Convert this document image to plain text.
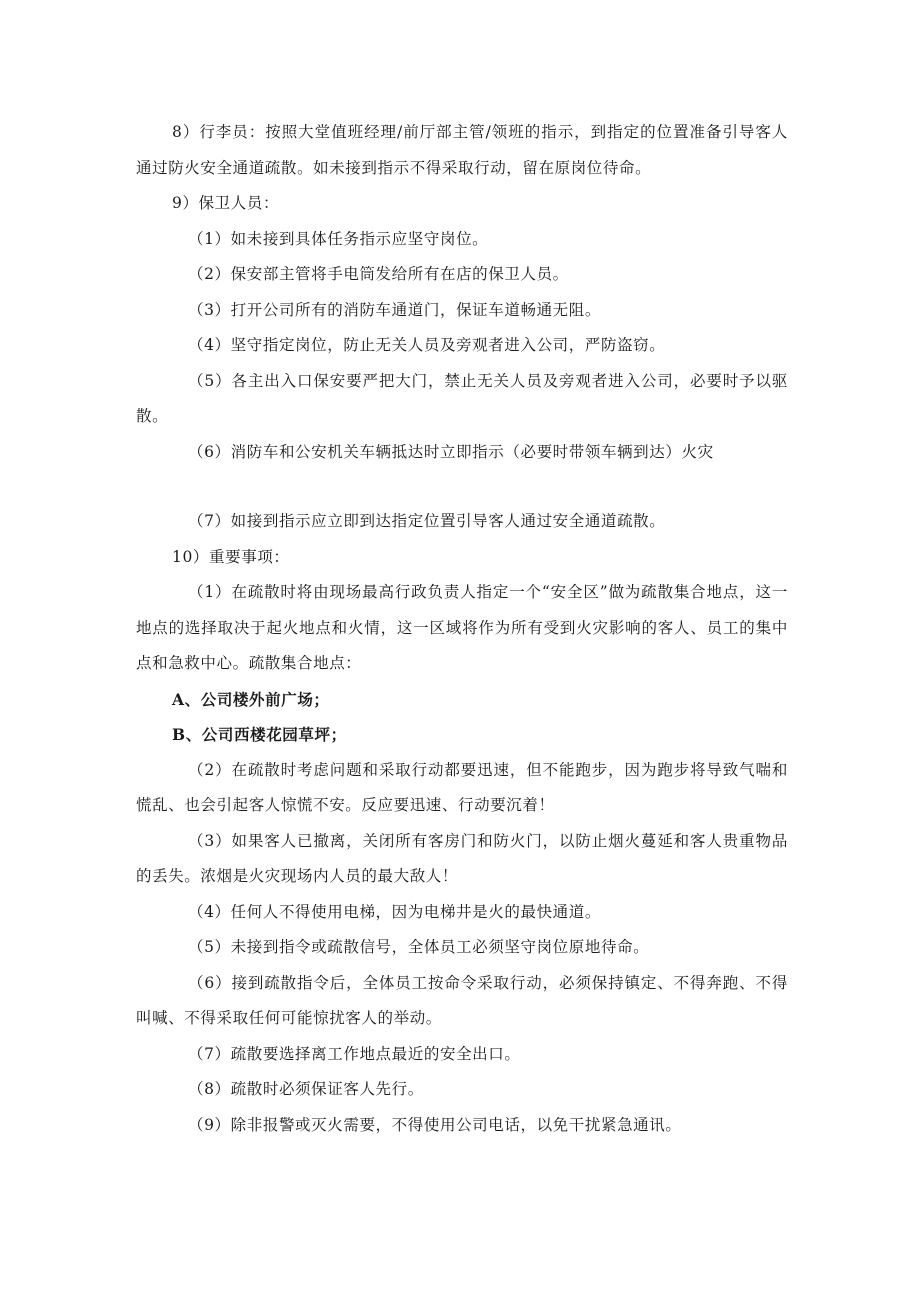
8）行李员：按照大堂值班经理/前厅部主管/领班的指示，到指定的位置准备引导客人通过防火安全通道疏散。如未接到指示不得采取行动，留在原岗位待命。

9）保卫人员：

（1）如未接到具体任务指示应坚守岗位。

（2）保安部主管将手电筒发给所有在店的保卫人员。

（3）打开公司所有的消防车通道门，保证车道畅通无阻。

（4）坚守指定岗位，防止无关人员及旁观者进入公司，严防盗窃。

（5）各主出入口保安要严把大门，禁止无关人员及旁观者进入公司，必要时予以驱散。

（6）消防车和公安机关车辆抵达时立即指示（必要时带领车辆到达）火灾

（7）如接到指示应立即到达指定位置引导客人通过安全通道疏散。

10）重要事项：

（1）在疏散时将由现场最高行政负责人指定一个“安全区”做为疏散集合地点，这一地点的选择取决于起火地点和火情，这一区域将作为所有受到火灾影响的客人、员工的集中点和急救中心。疏散集合地点：

A、公司楼外前广场；

B、公司西楼花园草坪；

（2）在疏散时考虑问题和采取行动都要迅速，但不能跑步，因为跑步将导致气喘和慌乱、也会引起客人惊慌不安。反应要迅速、行动要沉着！

（3）如果客人已撤离，关闭所有客房门和防火门，以防止烟火蔓延和客人贵重物品的丢失。浓烟是火灾现场内人员的最大敌人！

（4）任何人不得使用电梯，因为电梯井是火的最快通道。

（5）未接到指令或疏散信号，全体员工必须坚守岗位原地待命。

（6）接到疏散指令后，全体员工按命令采取行动，必须保持镇定、不得奔跑、不得叫喊、不得采取任何可能惊扰客人的举动。

（7）疏散要选择离工作地点最近的安全出口。

（8）疏散时必须保证客人先行。

（9）除非报警或灭火需要，不得使用公司电话，以免干扰紧急通讯。
